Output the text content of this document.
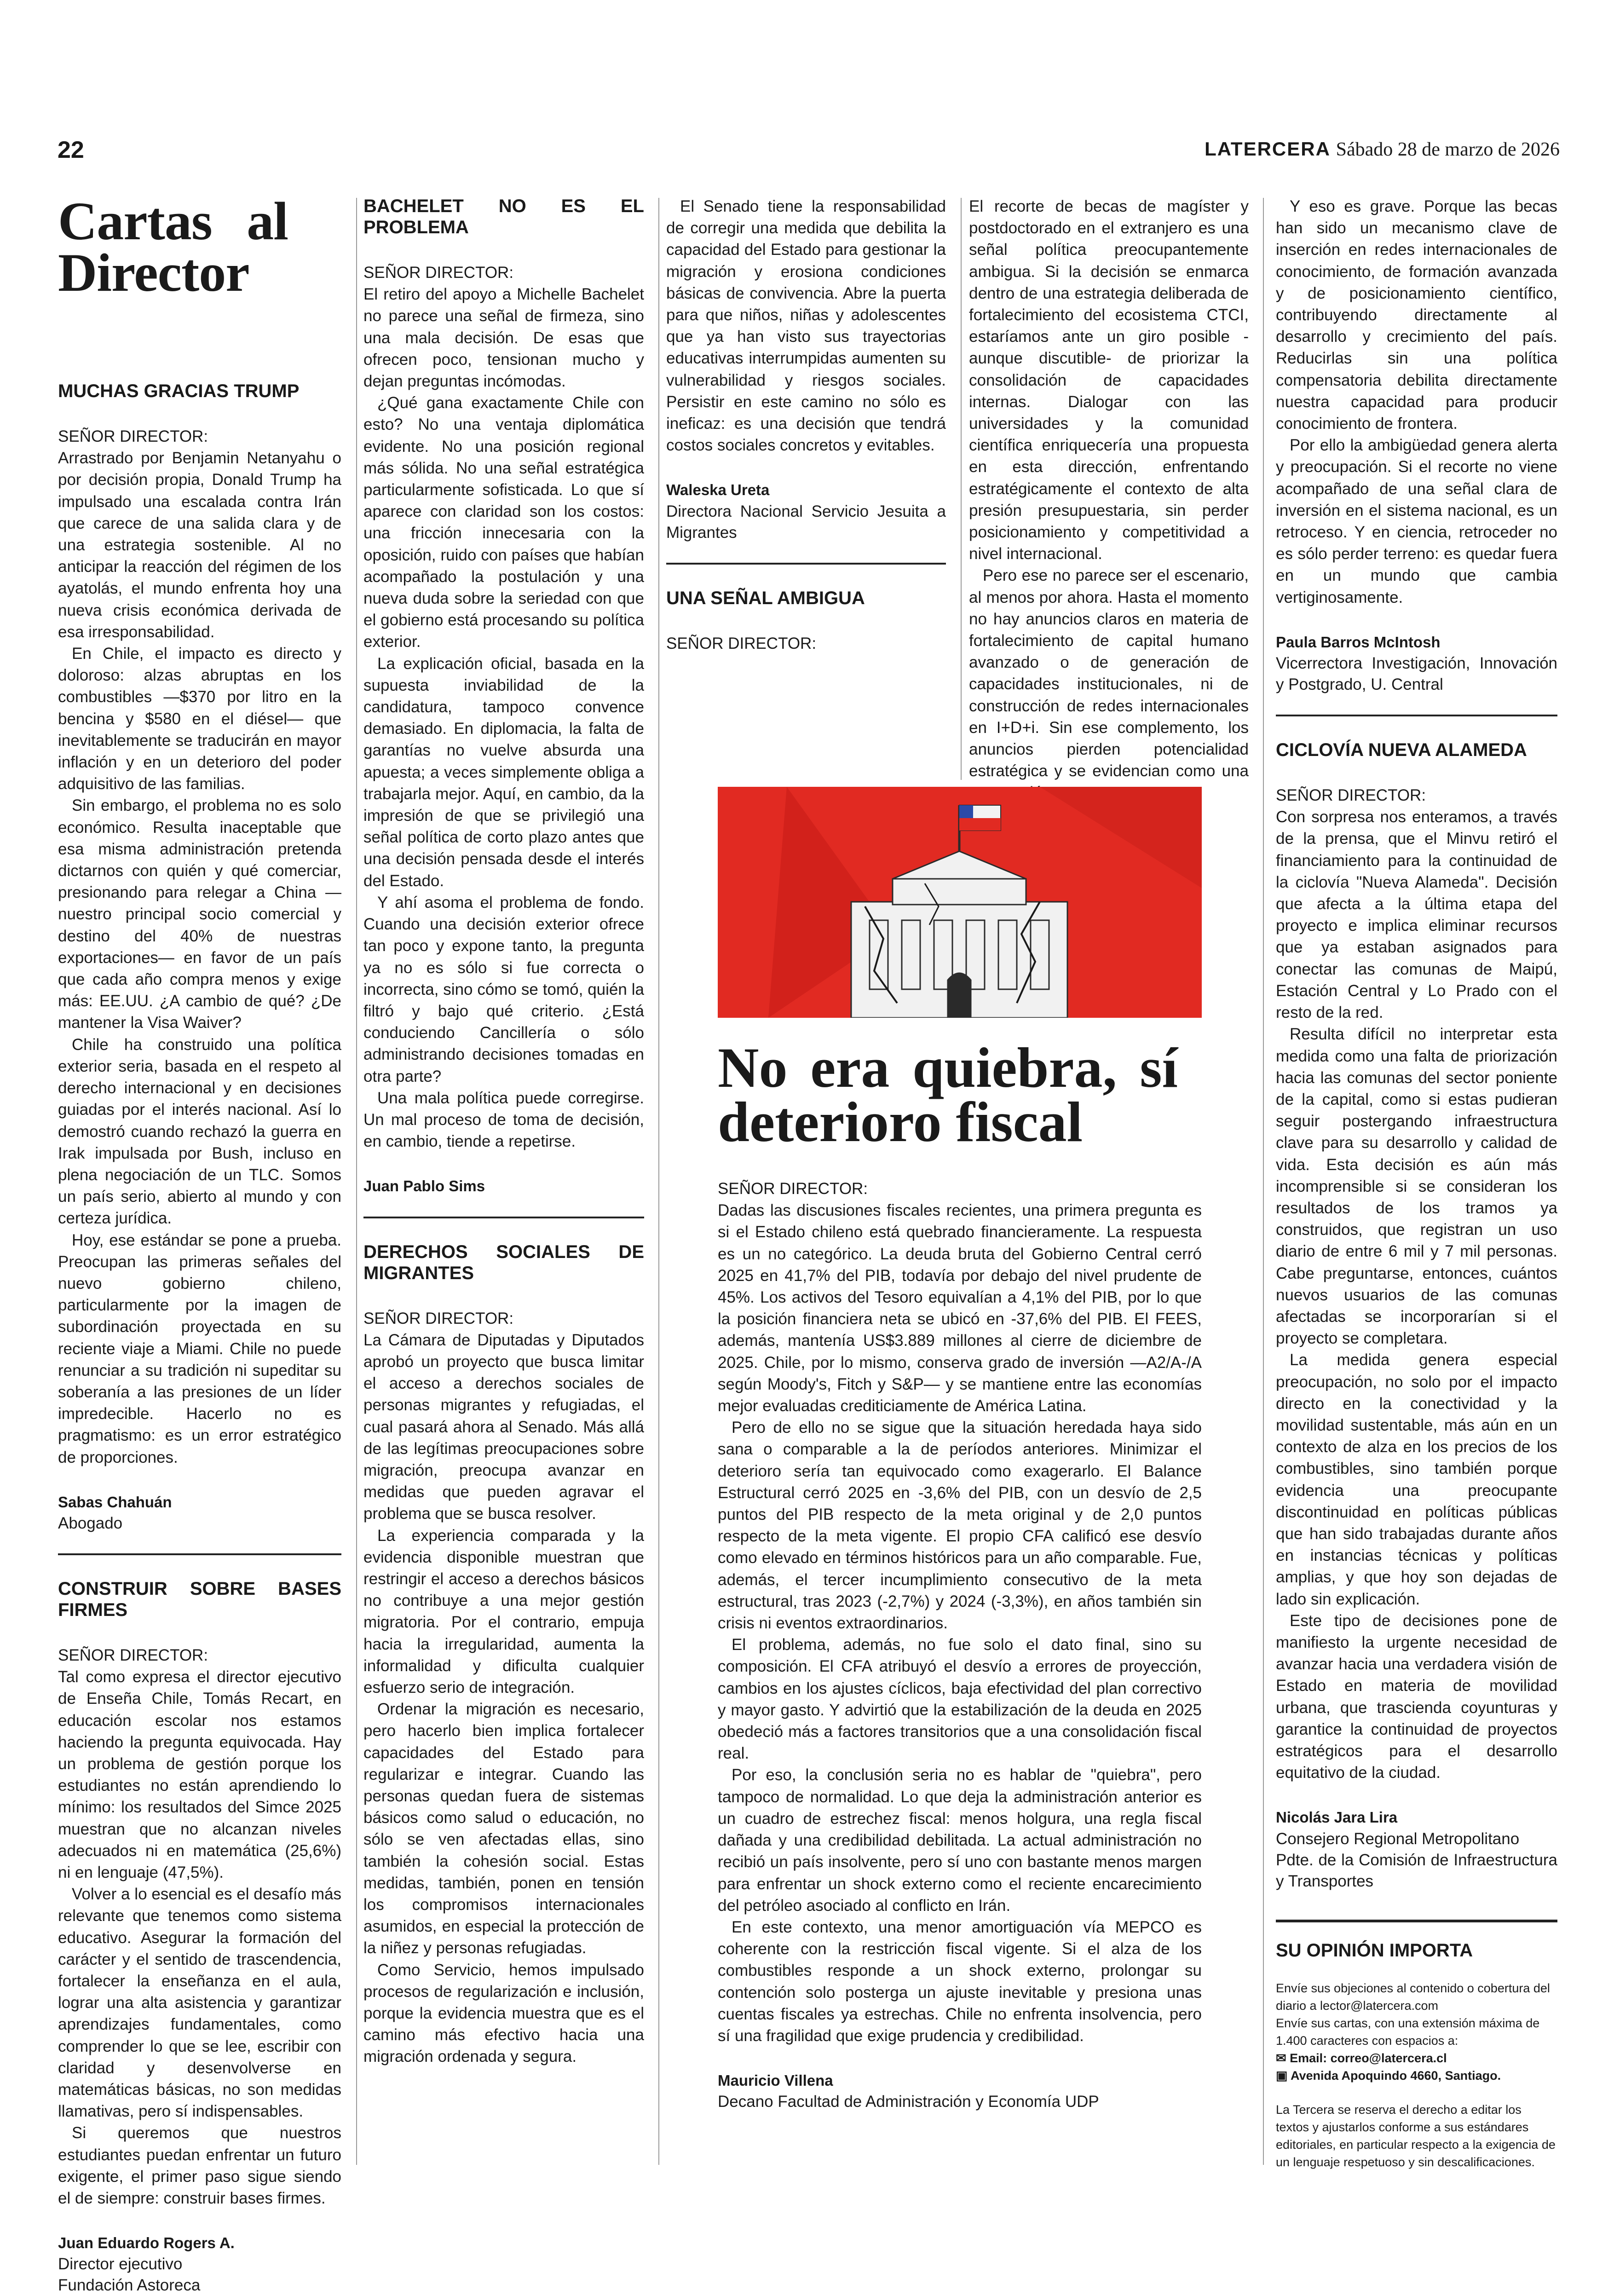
22	LATERCERA Sábado 28 de marzo de 2026
Cartas al Director
MUCHAS GRACIAS TRUMP

SEÑOR DIRECTOR:

Arrastrado por Benjamin Netanyahu o por decisión propia, Donald Trump ha impulsado una escalada contra Irán que carece de una salida clara y de una estrategia sostenible. Al no anticipar la reacción del régimen de los ayatolás, el mundo enfrenta hoy una nueva crisis económica derivada de esa irresponsabilidad.

En Chile, el impacto es directo y doloroso: alzas abruptas en los combustibles —$370 por litro en la bencina y $580 en el diésel— que inevitablemente se traducirán en mayor inflación y en un deterioro del poder adquisitivo de las familias.

Sin embargo, el problema no es solo económico. Resulta inaceptable que esa misma administración pretenda dictarnos con quién y qué comerciar, presionando para relegar a China —nuestro principal socio comercial y destino del 40% de nuestras exportaciones— en favor de un país que cada año compra menos y exige más: EE.UU. ¿A cambio de qué? ¿De mantener la Visa Waiver?

Chile ha construido una política exterior seria, basada en el respeto al derecho internacional y en decisiones guiadas por el interés nacional. Así lo demostró cuando rechazó la guerra en Irak impulsada por Bush, incluso en plena negociación de un TLC. Somos un país serio, abierto al mundo y con certeza jurídica.

Hoy, ese estándar se pone a prueba. Preocupan las primeras señales del nuevo gobierno chileno, particularmente por la imagen de subordinación proyectada en su reciente viaje a Miami. Chile no puede renunciar a su tradición ni supeditar su soberanía a las presiones de un líder impredecible. Hacerlo no es pragmatismo: es un error estratégico de proporciones.

Sabas Chahuán
Abogado
CONSTRUIR SOBRE BASES FIRMES

SEÑOR DIRECTOR:

Tal como expresa el director ejecutivo de Enseña Chile, Tomás Recart, en educación escolar nos estamos haciendo la pregunta equivocada. Hay un problema de gestión porque los estudiantes no están aprendiendo lo mínimo: los resultados del Simce 2025 muestran que no alcanzan niveles adecuados ni en matemática (25,6%) ni en lenguaje (47,5%).

Volver a lo esencial es el desafío más relevante que tenemos como sistema educativo. Asegurar la formación del carácter y el sentido de trascendencia, fortalecer la enseñanza en el aula, lograr una alta asistencia y garantizar aprendizajes fundamentales, como comprender lo que se lee, escribir con claridad y desenvolverse en matemáticas básicas, no son medidas llamativas, pero sí indispensables.

Si queremos que nuestros estudiantes puedan enfrentar un futuro exigente, el primer paso sigue siendo el de siempre: construir bases firmes.

Juan Eduardo Rogers A.
Director ejecutivo
Fundación Astoreca
BACHELET NO ES EL PROBLEMA

SEÑOR DIRECTOR:

El retiro del apoyo a Michelle Bachelet no parece una señal de firmeza, sino una mala decisión. De esas que ofrecen poco, tensionan mucho y dejan preguntas incómodas.

¿Qué gana exactamente Chile con esto? No una ventaja diplomática evidente. No una posición regional más sólida. No una señal estratégica particularmente sofisticada. Lo que sí aparece con claridad son los costos: una fricción innecesaria con la oposición, ruido con países que habían acompañado la postulación y una nueva duda sobre la seriedad con que el gobierno está procesando su política exterior.

La explicación oficial, basada en la supuesta inviabilidad de la candidatura, tampoco convence demasiado. En diplomacia, la falta de garantías no vuelve absurda una apuesta; a veces simplemente obliga a trabajarla mejor. Aquí, en cambio, da la impresión de que se privilegió una señal política de corto plazo antes que una decisión pensada desde el interés del Estado.

Y ahí asoma el problema de fondo. Cuando una decisión exterior ofrece tan poco y expone tanto, la pregunta ya no es sólo si fue correcta o incorrecta, sino cómo se tomó, quién la filtró y bajo qué criterio. ¿Está conduciendo Cancillería o sólo administrando decisiones tomadas en otra parte?

Una mala política puede corregirse. Un mal proceso de toma de decisión, en cambio, tiende a repetirse.

Juan Pablo Sims
DERECHOS SOCIALES DE MIGRANTES

SEÑOR DIRECTOR:

La Cámara de Diputadas y Diputados aprobó un proyecto que busca limitar el acceso a derechos sociales de personas migrantes y refugiadas, el cual pasará ahora al Senado. Más allá de las legítimas preocupaciones sobre migración, preocupa avanzar en medidas que pueden agravar el problema que se busca resolver.

La experiencia comparada y la evidencia disponible muestran que restringir el acceso a derechos básicos no contribuye a una mejor gestión migratoria. Por el contrario, empuja hacia la irregularidad, aumenta la informalidad y dificulta cualquier esfuerzo serio de integración.

Ordenar la migración es necesario, pero hacerlo bien implica fortalecer capacidades del Estado para regularizar e integrar. Cuando las personas quedan fuera de sistemas básicos como salud o educación, no sólo se ven afectadas ellas, sino también la cohesión social. Estas medidas, también, ponen en tensión los compromisos internacionales asumidos, en especial la protección de la niñez y personas refugiadas.

Como Servicio, hemos impulsado procesos de regularización e inclusión, porque la evidencia muestra que es el camino más efectivo hacia una migración ordenada y segura.

El Senado tiene la responsabilidad de corregir una medida que debilita la capacidad del Estado para gestionar la migración y erosiona condiciones básicas de convivencia. Abre la puerta para que niños, niñas y adolescentes que ya han visto sus trayectorias educativas interrumpidas aumenten su vulnerabilidad y riesgos sociales. Persistir en este camino no sólo es ineficaz: es una decisión que tendrá costos sociales concretos y evitables.

Waleska Ureta
Directora Nacional Servicio Jesuita a Migrantes
UNA SEÑAL AMBIGUA

SEÑOR DIRECTOR:

El recorte de becas de magíster y postdoctorado en el extranjero es una señal política preocupantemente ambigua. Si la decisión se enmarca dentro de una estrategia deliberada de fortalecimiento del ecosistema CTCI, estaríamos ante un giro posible -aunque discutible- de priorizar la consolidación de capacidades internas. Dialogar con las universidades y la comunidad científica enriquecería una propuesta en esta dirección, enfrentando estratégicamente el contexto de alta presión presupuestaria, sin perder posicionamiento y competitividad a nivel internacional.

Pero ese no parece ser el escenario, al menos por ahora. Hasta el momento no hay anuncios claros en materia de fortalecimiento de capital humano avanzado o de generación de capacidades institucionales, ni de construcción de redes internacionales en I+D+i. Sin ese complemento, los anuncios pierden potencialidad estratégica y se evidencian como una

Y eso es grave. Porque las becas han sido un mecanismo clave de inserción en redes internacionales de conocimiento, de formación avanzada y de posicionamiento científico, contribuyendo directamente al desarrollo y crecimiento del país. Reducirlas sin una política compensatoria debilita directamente nuestra capacidad para producir conocimiento de frontera.

Por ello la ambigüedad genera alerta y preocupación. Si el recorte no viene acompañado de una señal clara de inversión en el sistema nacional, es un retroceso. Y en ciencia, retroceder no es sólo perder terreno: es quedar fuera en un mundo que cambia vertiginosamente.

Paula Barros McIntosh
Vicerrectora Investigación, Innovación y Postgrado, U. Central
CICLOVÍA NUEVA ALAMEDA

SEÑOR DIRECTOR:

Con sorpresa nos enteramos, a través de la prensa, que el Minvu retiró el financiamiento para la continuidad de la ciclovía "Nueva Alameda". Decisión que afecta a la última etapa del proyecto e implica eliminar recursos que ya estaban asignados para conectar las comunas de Maipú, Estación Central y Lo Prado con el resto de la red.

Resulta difícil no interpretar esta medida como una falta de priorización hacia las comunas del sector poniente de la capital, como si estas pudieran seguir postergando infraestructura clave para su desarrollo y calidad de vida. Esta decisión es aún más incomprensible si se consideran los resultados de los tramos ya construidos, que registran un uso diario de entre 6 mil y 7 mil personas. Cabe preguntarse, entonces, cuántos nuevos usuarios de las comunas afectadas se incorporarían si el proyecto se completara.

La medida genera especial preocupación, no solo por el impacto directo en la conectividad y la movilidad sustentable, más aún en un contexto de alza en los precios de los combustibles, sino también porque evidencia una preocupante discontinuidad en políticas públicas que han sido trabajadas durante años en instancias técnicas y políticas amplias, y que hoy son dejadas de lado sin explicación.

Este tipo de decisiones pone de manifiesto la urgente necesidad de avanzar hacia una verdadera visión de Estado en materia de movilidad urbana, que trascienda coyunturas y garantice la continuidad de proyectos estratégicos para el desarrollo equitativo de la ciudad.

Nicolás Jara Lira
Consejero Regional Metropolitano
Pdte. de la Comisión de Infraestructura y Transportes
SU OPINIÓN IMPORTA
Envíe sus objeciones al contenido o cobertura del diario a lector@latercera.com
Envíe sus cartas, con una extensión máxima de 1.400 caracteres con espacios a:
✉ Email: correo@latercera.cl
▣ Avenida Apoquindo 4660, Santiago.
La Tercera se reserva el derecho a editar los textos y ajustarlos conforme a sus estándares editoriales, en particular respecto a la exigencia de un lenguaje respetuoso y sin descalificaciones.
No era quiebra, sí deterioro fiscal

SEÑOR DIRECTOR:

Dadas las discusiones fiscales recientes, una primera pregunta es si el Estado chileno está quebrado financieramente. La respuesta es un no categórico. La deuda bruta del Gobierno Central cerró 2025 en 41,7% del PIB, todavía por debajo del nivel prudente de 45%. Los activos del Tesoro equivalían a 4,1% del PIB, por lo que la posición financiera neta se ubicó en -37,6% del PIB. El FEES, además, mantenía US$3.889 millones al cierre de diciembre de 2025. Chile, por lo mismo, conserva grado de inversión —A2/A-/A según Moody's, Fitch y S&P— y se mantiene entre las economías mejor evaluadas crediticiamente de América Latina.

Pero de ello no se sigue que la situación heredada haya sido sana o comparable a la de períodos anteriores. Minimizar el deterioro sería tan equivocado como exagerarlo. El Balance Estructural cerró 2025 en -3,6% del PIB, con un desvío de 2,5 puntos del PIB respecto de la meta original y de 2,0 puntos respecto de la meta vigente. El propio CFA calificó ese desvío como elevado en términos históricos para un año comparable. Fue, además, el tercer incumplimiento consecutivo de la meta estructural, tras 2023 (-2,7%) y 2024 (-3,3%), en años también sin crisis ni eventos extraordinarios.

El problema, además, no fue solo el dato final, sino su composición. El CFA atribuyó el desvío a errores de proyección, cambios en los ajustes cíclicos, baja efectividad del plan correctivo y mayor gasto. Y advirtió que la estabilización de la deuda en 2025 obedeció más a factores transitorios que a una consolidación fiscal real.

Por eso, la conclusión seria no es hablar de "quiebra", pero tampoco de normalidad. Lo que deja la administración anterior es un cuadro de estrechez fiscal: menos holgura, una regla fiscal dañada y una credibilidad debilitada. La actual administración no recibió un país insolvente, pero sí uno con bastante menos margen para enfrentar un shock externo como el reciente encarecimiento del petróleo asociado al conflicto en Irán.

En este contexto, una menor amortiguación vía MEPCO es coherente con la restricción fiscal vigente. Si el alza de los combustibles responde a un shock externo, prolongar su contención solo posterga un ajuste inevitable y presiona unas cuentas fiscales ya estrechas. Chile no enfrenta insolvencia, pero sí una fragilidad que exige prudencia y credibilidad.

Mauricio Villena
Decano Facultad de Administración y Economía UDP
